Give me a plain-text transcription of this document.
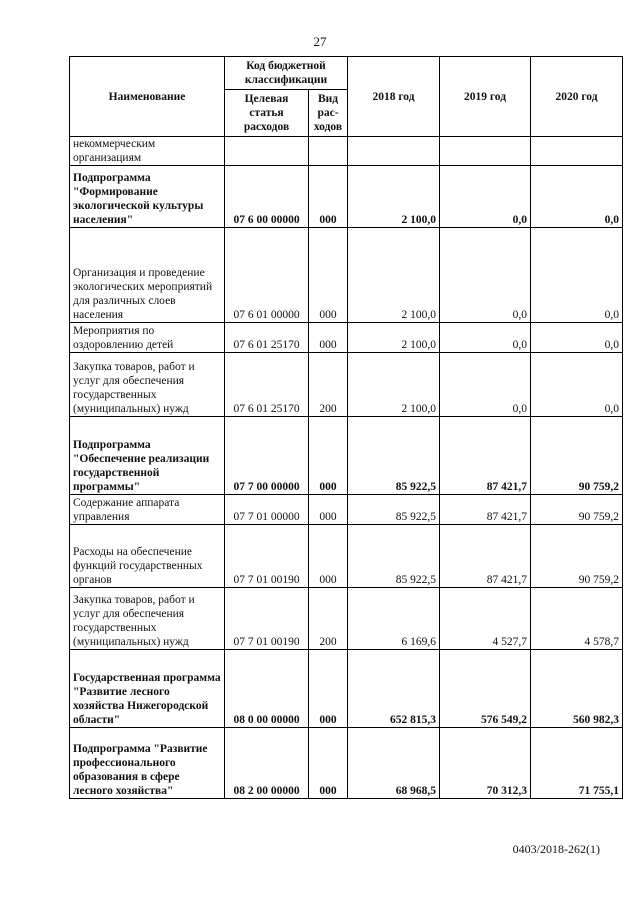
27
Наименование	Код бюджетной классификации		2018 год	2019 год	2020 год
	Целевая статья расходов	Вид рас-ходов			
некоммерческим организациям					
Подпрограмма "Формирование экологической культуры населения"	07 6 00 00000	000	2 100,0	0,0	0,0
Организация и проведение экологических мероприятий для различных слоев населения	07 6 01 00000	000	2 100,0	0,0	0,0
Мероприятия по оздоровлению детей	07 6 01 25170	000	2 100,0	0,0	0,0
Закупка товаров, работ и услуг для обеспечения государственных (муниципальных) нужд	07 6 01 25170	200	2 100,0	0,0	0,0
Подпрограмма "Обеспечение реализации государственной программы"	07 7 00 00000	000	85 922,5	87 421,7	90 759,2
Содержание аппарата управления	07 7 01 00000	000	85 922,5	87 421,7	90 759,2
Расходы на обеспечение функций государственных органов	07 7 01 00190	000	85 922,5	87 421,7	90 759,2
Закупка товаров, работ и услуг для обеспечения государственных (муниципальных) нужд	07 7 01 00190	200	6 169,6	4 527,7	4 578,7
Государственная программа "Развитие лесного хозяйства Нижегородской области"	08 0 00 00000	000	652 815,3	576 549,2	560 982,3
Подпрограмма "Развитие профессионального образования в сфере лесного хозяйства"	08 2 00 00000	000	68 968,5	70 312,3	71 755,1
0403/2018-262(1)
